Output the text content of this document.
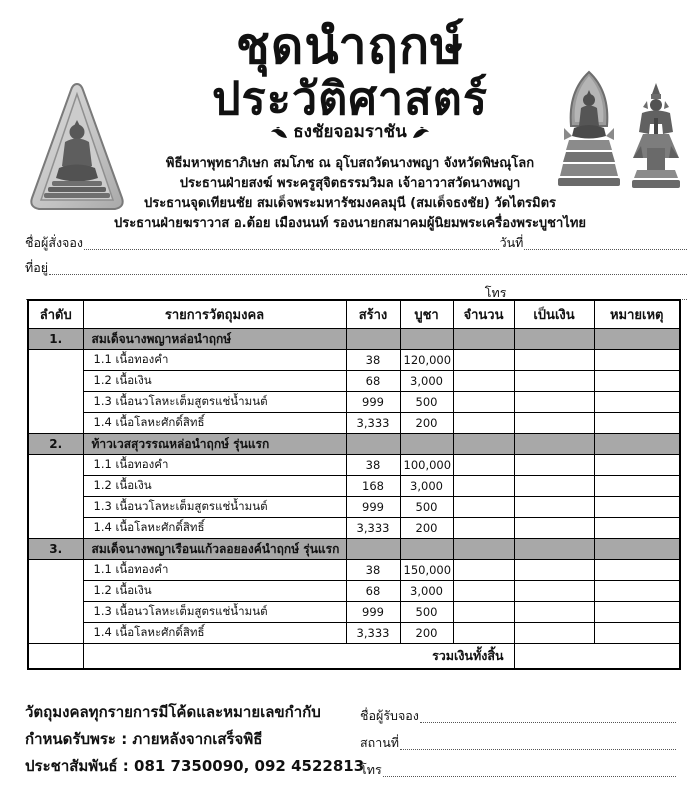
ชุดนำฤกษ์
ประวัติศาสตร์
ธงชัยจอมราชัน
พิธีมหาพุทธาภิเษก สมโภช ณ อุโบสถวัดนางพญา จังหวัดพิษณุโลก
ประธานฝ่ายสงฆ์ พระครูสุจิตธรรมวิมล เจ้าอาวาสวัดนางพญา
ประธานจุดเทียนชัย สมเด็จพระมหารัชมงคลมุนี (สมเด็จธงชัย) วัดไตรมิตร
ประธานฝ่ายฆราวาส อ.ต้อย เมืองนนท์ รองนายกสมาคมผู้นิยมพระเครื่องพระบูชาไทย
ชื่อผู้สั่งจอง	วันที่
ที่อยู่
โทร
ลำดับ	รายการวัตถุมงคล	สร้าง	บูชา	จำนวน	เป็นเงิน	หมายเหตุ
1.	สมเด็จนางพญาหล่อนำฤกษ์					
	1.1 เนื้อทองคำ	38	120,000			
	1.2 เนื้อเงิน	68	3,000			
	1.3 เนื้อนวโลหะเต็มสูตรแช่น้ำมนต์	999	500			
	1.4 เนื้อโลหะศักดิ์สิทธิ์	3,333	200			
2.	ท้าวเวสสุวรรณหล่อนำฤกษ์ รุ่นแรก					
	1.1 เนื้อทองคำ	38	100,000			
	1.2 เนื้อเงิน	168	3,000			
	1.3 เนื้อนวโลหะเต็มสูตรแช่น้ำมนต์	999	500			
	1.4 เนื้อโลหะศักดิ์สิทธิ์	3,333	200			
3.	สมเด็จนางพญาเรือนแก้วลอยองค์นำฤกษ์ รุ่นแรก					
	1.1 เนื้อทองคำ	38	150,000			
	1.2 เนื้อเงิน	68	3,000			
	1.3 เนื้อนวโลหะเต็มสูตรแช่น้ำมนต์	999	500			
	1.4 เนื้อโลหะศักดิ์สิทธิ์	3,333	200			
	รวมเงินทั้งสิ้น					
วัตถุมงคลทุกรายการมีโค้ดและหมายเลขกำกับ
กำหนดรับพระ : ภายหลังจากเสร็จพิธี
ประชาสัมพันธ์ : 081 7350090, 092 4522813
ชื่อผู้รับจอง
สถานที่
โทร
